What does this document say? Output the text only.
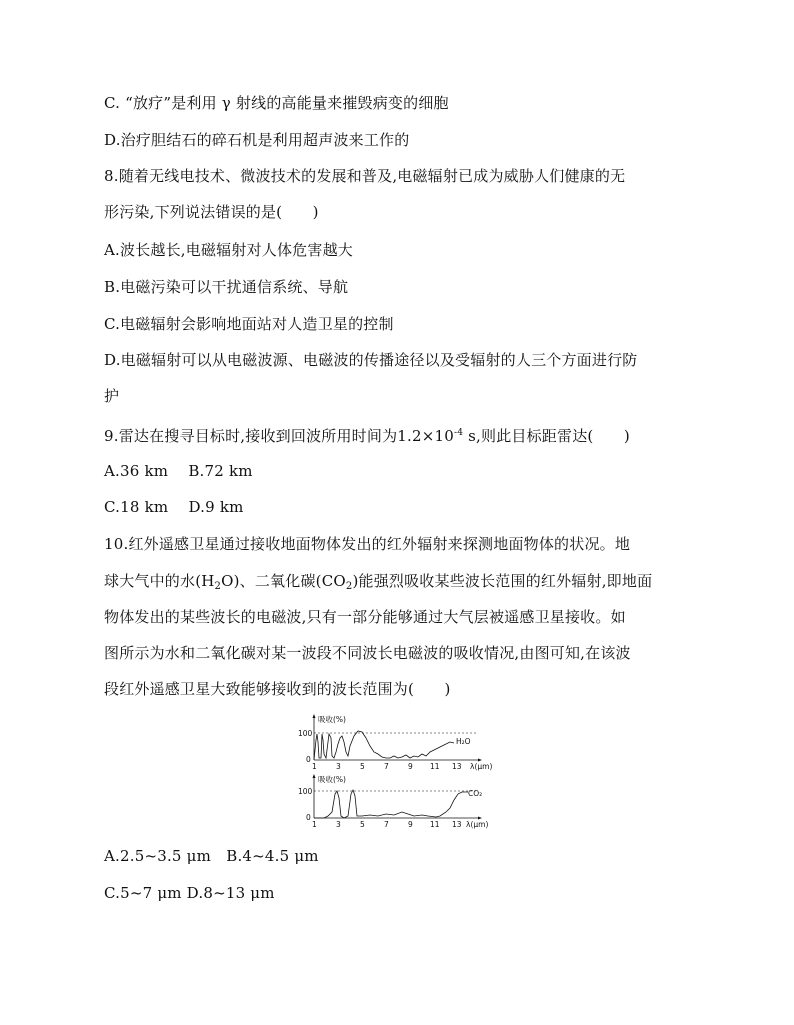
C. “放疗”是利用 γ 射线的高能量来摧毁病变的细胞
D.治疗胆结石的碎石机是利用超声波来工作的
8.随着无线电技术、微波技术的发展和普及,电磁辐射已成为威胁人们健康的无
形污染,下列说法错误的是(　　)
A.波长越长,电磁辐射对人体危害越大
B.电磁污染可以干扰通信系统、导航
C.电磁辐射会影响地面站对人造卫星的控制
D.电磁辐射可以从电磁波源、电磁波的传播途径以及受辐射的人三个方面进行防
护
9.雷达在搜寻目标时,接收到回波所用时间为$1.2\times 10^{-4}$ s,则此目标距雷达(　　)
A.36 km　 B.72 km
C.18 km　 D.9 km
10.红外遥感卫星通过接收地面物体发出的红外辐射来探测地面物体的状况。地
球大气中的水$(H_2O)$、二氧化碳$(CO_2)$能强烈吸收某些波长范围的红外辐射,即地面
物体发出的某些波长的电磁波,只有一部分能够通过大气层被遥感卫星接收。如
图所示为水和二氧化碳对某一波段不同波长电磁波的吸收情况,由图可知,在该波
段红外遥感卫星大致能够接收到的波长范围为(　　)
A.2.5~3.5 μm　B.4~4.5 μm
C.5~7 μm D.8~13 μm
吸收(%)
100
0
H₂O
1	3	5	7	9 11 13 λ(μm)
吸收(%)
100
0
CO₂
1	3	5	7	9 11 13 λ(μm)
